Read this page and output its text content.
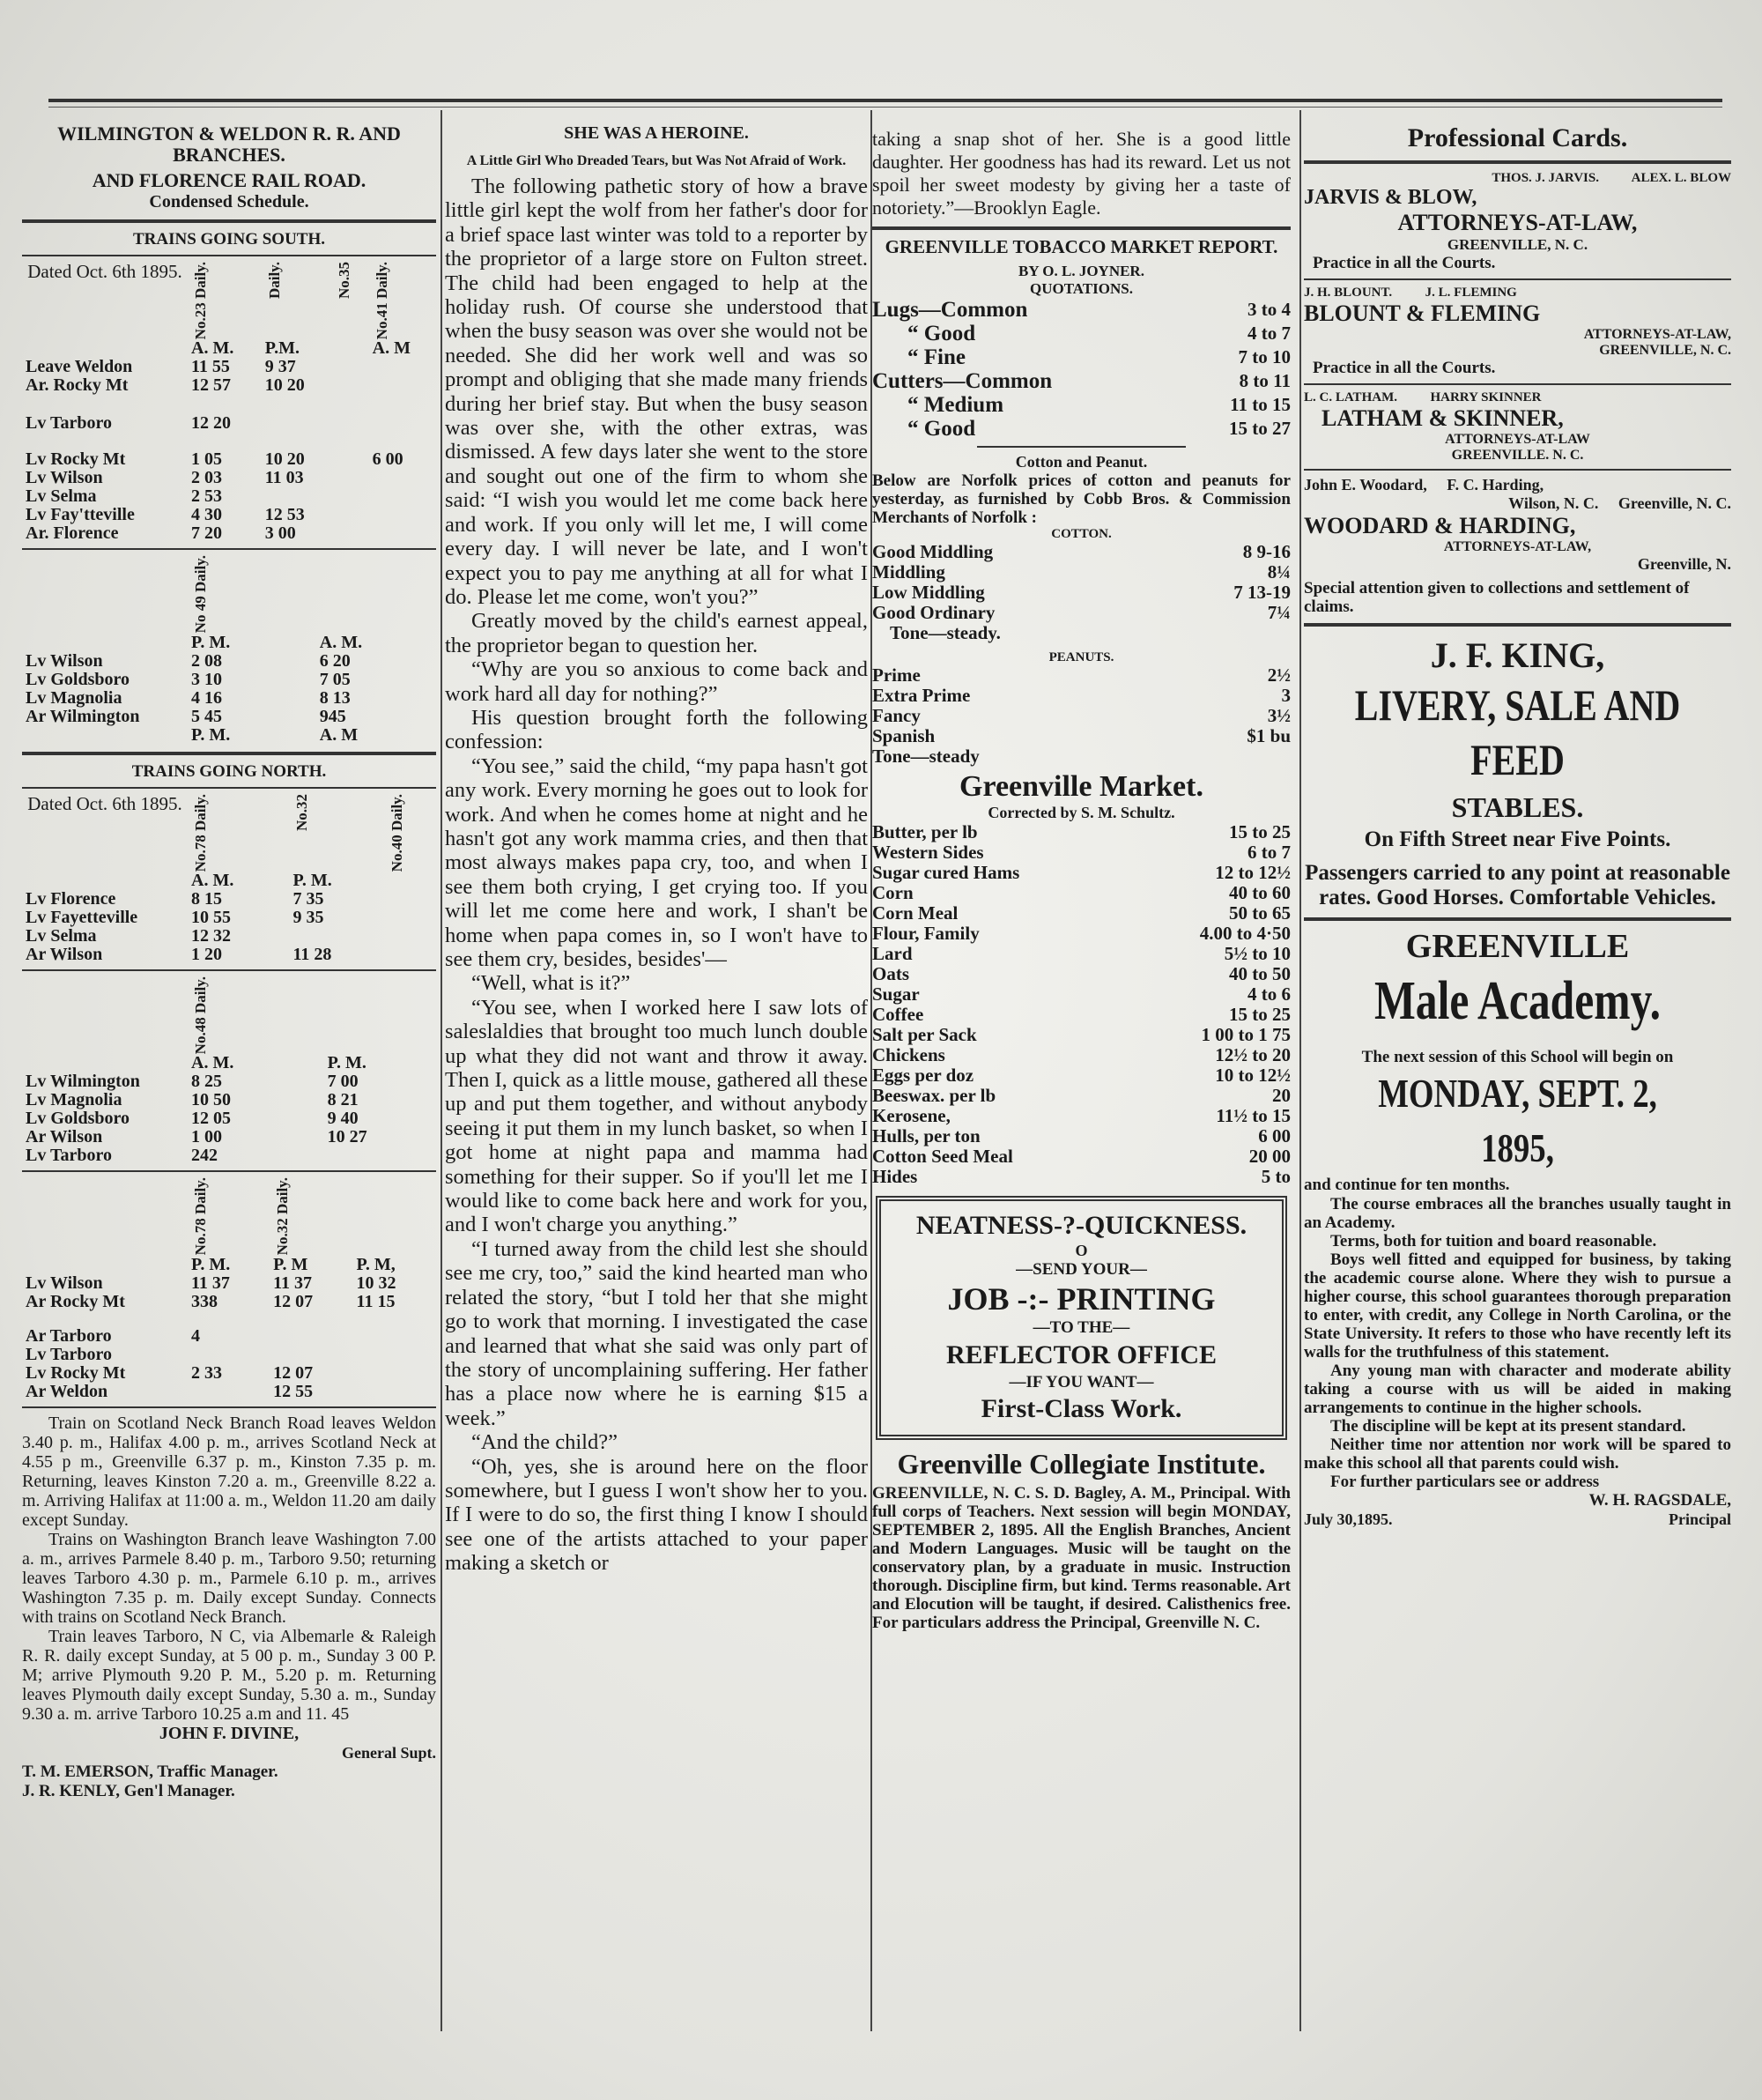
WILMINGTON & WELDON R. R. AND BRANCHES.
AND FLORENCE RAIL ROAD.
Condensed Schedule.
TRAINS GOING SOUTH.
Dated Oct. 6th 1895.	No.23 Daily.	Daily.	No.35	No.41 Daily.

	A. M.	P.M.		A. M
Leave Weldon	11 55	9 37		
Ar. Rocky Mt	12 57	10 20		

Lv Tarboro	12 20			

Lv Rocky Mt	1 05	10 20		6 00
Lv Wilson	2 03	11 03		
Lv Selma	2 53			
Lv Fay'tteville	4 30	12 53		
Ar. Florence	7 20	3 00		

	No 49 Daily.		

	P. M.		A. M.
Lv Wilson	2 08		6 20
Lv Goldsboro	3 10		7 05
Lv Magnolia	4 16		8 13
Ar Wilmington	5 45		945
	P. M.		A. M
TRAINS GOING NORTH.
Dated Oct. 6th 1895.	No.78 Daily.	No.32	No.40 Daily.

	A. M.	P. M.	
Lv Florence	8 15	7 35	
Lv Fayetteville	10 55	9 35	
Lv Selma	12 32		
Ar Wilson	1 20	11 28	

	No.48 Daily.		

	A. M.		P. M.
Lv Wilmington	8 25		7 00
Lv Magnolia	10 50		8 21
Lv Goldsboro	12 05		9 40
Ar Wilson	1 00		10 27
Lv Tarboro	242		

	No.78 Daily.	No.32 Daily.	

	P. M.	P. M	P. M,
Lv Wilson	11 37	11 37	10 32
Ar Rocky Mt	338	12 07	11 15

Ar Tarboro	4		
Lv Tarboro			
Lv Rocky Mt	2 33	12 07	
Ar Weldon		12 55	

Train on Scotland Neck Branch Road leaves Weldon 3.40 p. m., Halifax 4.00 p. m., arrives Scotland Neck at 4.55 p m., Greenville 6.37 p. m., Kinston 7.35 p. m. Returning, leaves Kinston 7.20 a. m., Greenville 8.22 a. m. Arriving Halifax at 11:00 a. m., Weldon 11.20 am daily except Sunday.

Trains on Washington Branch leave Washington 7.00 a. m., arrives Parmele 8.40 p. m., Tarboro 9.50; returning leaves Tarboro 4.30 p. m., Parmele 6.10 p. m., arrives Washington 7.35 p. m. Daily except Sunday. Connects with trains on Scotland Neck Branch.

Train leaves Tarboro, N C, via Albemarle & Raleigh R. R. daily except Sunday, at 5 00 p. m., Sunday 3 00 P. M; arrive Plymouth 9.20 P. M., 5.20 p. m. Returning leaves Plymouth daily except Sunday, 5.30 a. m., Sunday 9.30 a. m. arrive Tarboro 10.25 a.m and 11. 45

JOHN F. DIVINE,
General Supt.
T. M. EMERSON, Traffic Manager.
J. R. KENLY, Gen'l Manager.
SHE WAS A HEROINE.
A Little Girl Who Dreaded Tears, but Was Not Afraid of Work.

The following pathetic story of how a brave little girl kept the wolf from her father's door for a brief space last winter was told to a reporter by the proprietor of a large store on Fulton street. The child had been engaged to help at the holiday rush. Of course she understood that when the busy season was over she would not be needed. She did her work well and was so prompt and obliging that she made many friends during her brief stay. But when the busy season was over she, with the other extras, was dismissed. A few days later she went to the store and sought out one of the firm to whom she said: “I wish you would let me come back here and work. If you only will let me, I will come every day. I will never be late, and I won't expect you to pay me anything at all for what I do. Please let me come, won't you?”

Greatly moved by the child's earnest appeal, the proprietor began to question her.

“Why are you so anxious to come back and work hard all day for nothing?”

His question brought forth the following confession:

“You see,” said the child, “my papa hasn't got any work. Every morning he goes out to look for work. And when he comes home at night and he hasn't got any work mamma cries, and then that most always makes papa cry, too, and when I see them both crying, I get crying too. If you will let me come here and work, I shan't be home when papa comes in, so I won't have to see them cry, besides, besides'—

“Well, what is it?”

“You see, when I worked here I saw lots of saleslaldies that brought too much lunch double up what they did not want and throw it away. Then I, quick as a little mouse, gathered all these up and put them together, and without anybody seeing it put them in my lunch basket, so when I got home at night papa and mamma had something for their supper. So if you'll let me I would like to come back here and work for you, and I won't charge you anything.”

“I turned away from the child lest she should see me cry, too,” said the kind hearted man who related the story, “but I told her that she might go to work that morning. I investigated the case and learned that what she said was only part of the story of uncomplaining suffering. Her father has a place now where he is earning $15 a week.”

“And the child?”

“Oh, yes, she is around here on the floor somewhere, but I guess I won't show her to you. If I were to do so, the first thing I know I should see one of the artists attached to your paper making a sketch or

taking a snap shot of her. She is a good little daughter. Her goodness has had its reward. Let us not spoil her sweet modesty by giving her a taste of notoriety.”—Brooklyn Eagle.
GREENVILLE TOBACCO MARKET REPORT.
BY O. L. JOYNER.
QUOTATIONS.
Lugs—Common	3 to 4
“ Good	4 to 7
“ Fine	7 to 10
Cutters—Common	8 to 11
“ Medium	11 to 15
“ Good	15 to 27
Cotton and Peanut.
Below are Norfolk prices of cotton and peanuts for yesterday, as furnished by Cobb Bros. & Commission Merchants of Norfolk :
COTTON.
Good Middling	8 9-16
Middling	8¼
Low Middling	7 13-19
Good Ordinary	7¼
Tone—steady.	
PEANUTS.
Prime	2½
Extra Prime	3
Fancy	3½
Spanish	$1 bu
Tone—steady	
Greenville Market.
Corrected by S. M. Schultz.
Butter, per lb	15 to 25
Western Sides	6 to 7
Sugar cured Hams	12 to 12½
Corn	40 to 60
Corn Meal	50 to 65
Flour, Family	4.00 to 4·50
Lard	5½ to 10
Oats	40 to 50
Sugar	4 to 6
Coffee	15 to 25
Salt per Sack	1 00 to 1 75
Chickens	12½ to 20
Eggs per doz	10 to 12½
Beeswax. per lb	20
Kerosene,	11½ to 15
Hulls, per ton	6 00
Cotton Seed Meal	20 00
Hides	5 to
NEATNESS-?-QUICKNESS.
O
—SEND YOUR—
JOB -:- PRINTING
—TO THE—
REFLECTOR OFFICE
—IF YOU WANT—
First-Class Work.
Greenville Collegiate Institute.
GREENVILLE, N. C. S. D. Bagley, A. M., Principal. With full corps of Teachers. Next session will begin MONDAY, SEPTEMBER 2, 1895. All the English Branches, Ancient and Modern Languages. Music will be taught on the conservatory plan, by a graduate in music. Instruction thorough. Discipline firm, but kind. Terms reasonable. Art and Elocution will be taught, if desired. Calisthenics free. For particulars address the Principal, Greenville N. C.
Professional Cards.
THOS. J. JARVIS.          ALEX. L. BLOW
JARVIS & BLOW,
ATTORNEYS-AT-LAW,
GREENVILLE, N. C.
Practice in all the Courts.
J. H. BLOUNT.          J. L. FLEMING
BLOUNT & FLEMING
ATTORNEYS-AT-LAW,
GREENVILLE, N. C.
Practice in all the Courts.
L. C. LATHAM.          HARRY SKINNER
LATHAM & SKINNER,
ATTORNEYS-AT-LAW
GREENVILLE. N. C.
John E. Woodard,     F. C. Harding,
Wilson, N. C.     Greenville, N. C.
WOODARD & HARDING,
ATTORNEYS-AT-LAW,
Greenville, N.
Special attention given to collections and settlement of claims.
J. F. KING,
LIVERY, SALE AND FEED
STABLES.
On Fifth Street near Five Points.
Passengers carried to any point at reasonable rates. Good Horses. Comfortable Vehicles.
GREENVILLE
Male Academy.
The next session of this School will begin on
MONDAY, SEPT. 2, 1895,
and continue for ten months.

The course embraces all the branches usually taught in an Academy.

Terms, both for tuition and board reasonable.

Boys well fitted and equipped for business, by taking the academic course alone. Where they wish to pursue a higher course, this school guarantees thorough preparation to enter, with credit, any College in North Carolina, or the State University. It refers to those who have recently left its walls for the truthfulness of this statement.

Any young man with character and moderate ability taking a course with us will be aided in making arrangements to continue in the higher schools.

The discipline will be kept at its present standard.

Neither time nor attention nor work will be spared to make this school all that parents could wish.

For further particulars see or address

W. H. RAGSDALE,
July 30,1895.	Principal
